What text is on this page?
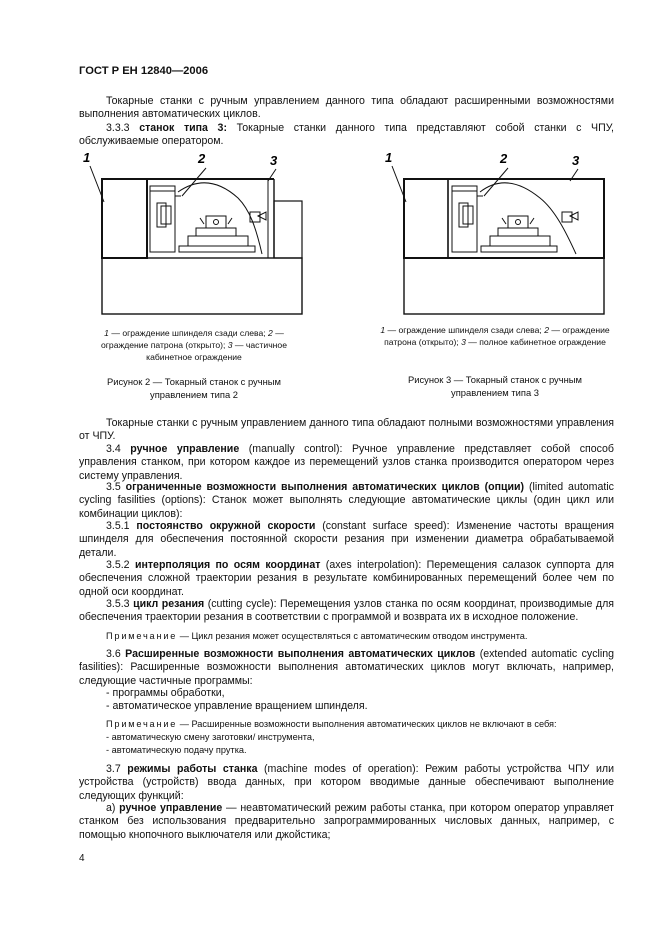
ГОСТ Р ЕН 12840—2006
Токарные станки с ручным управлением данного типа обладают расширенными возможностями выполнения автоматических циклов.
3.3.3 станок типа 3: Токарные станки данного типа представляют собой станки с ЧПУ, обслуживаемые оператором.
1	2	3
1 — ограждение шпинделя сзади слева; 2 — ограждение патрона (открыто); 3 — частичное кабинетное ограждение
Рисунок 2 — Токарный станок с ручным
управлением типа 2
1	2	3
1 — ограждение шпинделя сзади слева; 2 — ограждение патрона (открыто); 3 — полное кабинетное ограждение
Рисунок 3 — Токарный станок с ручным
управлением типа 3
Токарные станки с ручным управлением данного типа обладают полными возможностями управления от ЧПУ.
3.4 ручное управление (manually control): Ручное управление представляет собой способ управления станком, при котором каждое из перемещений узлов станка производится оператором через систему управления.
3.5 ограниченные возможности выполнения автоматических циклов (опции) (limited automatic cycling fasilities (options): Станок может выполнять следующие автоматические циклы (один цикл или комбинации циклов):
3.5.1 постоянство окружной скорости (constant surface speed): Изменение частоты вращения шпинделя для обеспечения постоянной скорости резания при изменении диаметра обрабатываемой детали.
3.5.2 интерполяция по осям координат (axes interpolation): Перемещения салазок суппорта для обеспечения сложной траектории резания в результате комбинированных перемещений более чем по одной оси координат.
3.5.3 цикл резания (cutting cycle): Перемещения узлов станка по осям координат, производимые для обеспечения траектории резания в соответствии с программой и возврата их в исходное положение.
Примечание — Цикл резания может осуществляться с автоматическим отводом инструмента.
3.6 Расширенные возможности выполнения автоматических циклов (extended automatic cycling fasilities): Расширенные возможности выполнения автоматических циклов могут включать, например, следующие частичные программы:
- программы обработки,
- автоматическое управление вращением шпинделя.
Примечание — Расширенные возможности выполнения автоматических циклов не включают в себя:
- автоматическую смену заготовки/ инструмента,
- автоматическую подачу прутка.
3.7 режимы работы станка (machine modes of operation): Режим работы устройства ЧПУ или устройства (устройств) ввода данных, при котором вводимые данные обеспечивают выполнение следующих функций:
а) ручное управление — неавтоматический режим работы станка, при котором оператор управляет станком без использования предварительно запрограммированных числовых данных, например, с помощью кнопочного выключателя или джойстика;
4
